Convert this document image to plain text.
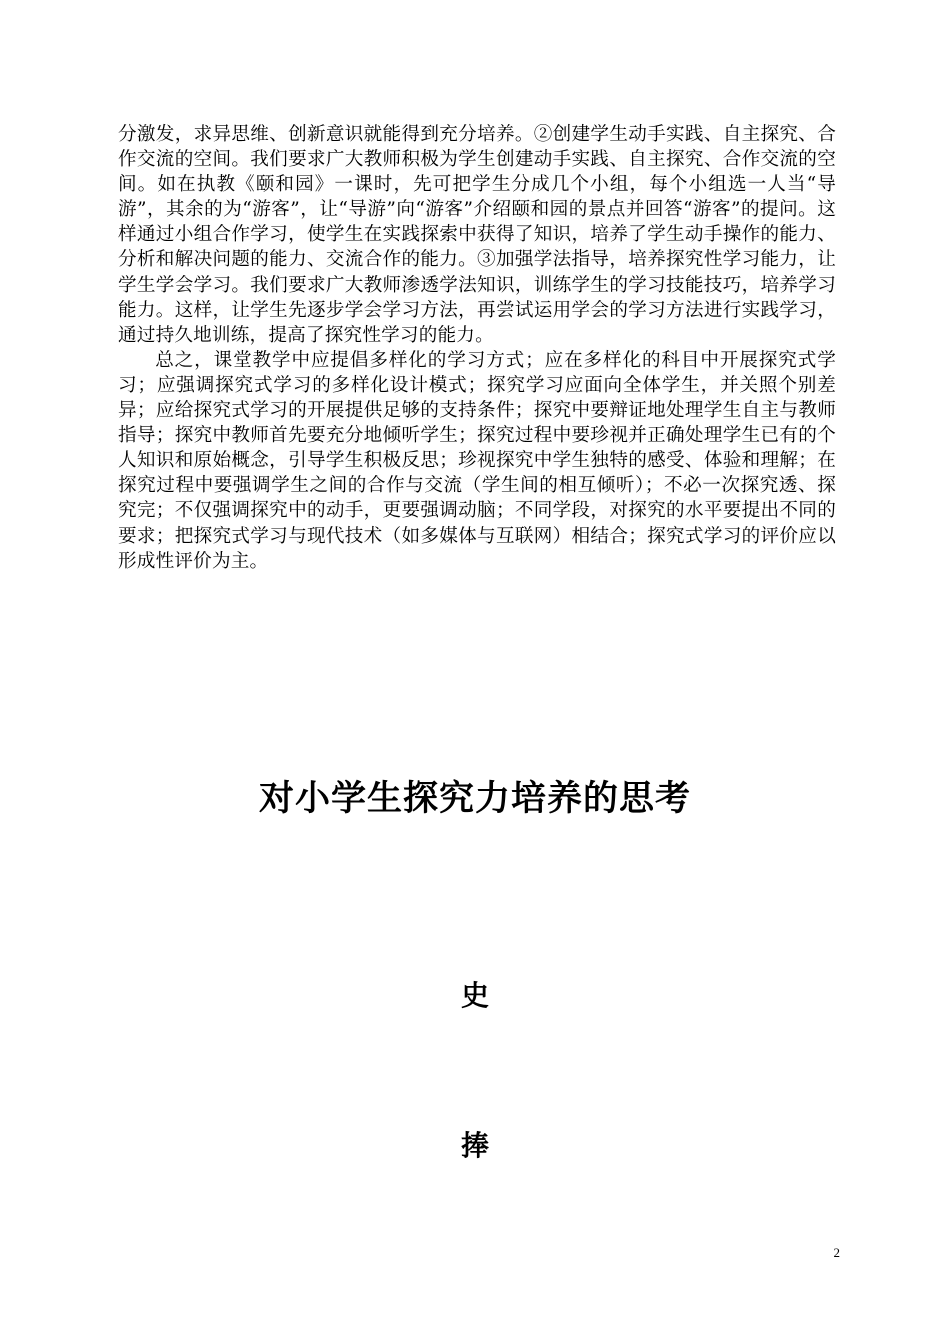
分激发，求异思维、创新意识就能得到充分培养。②创建学生动手实践、自主探究、合作交流的空间。我们要求广大教师积极为学生创建动手实践、自主探究、合作交流的空间。如在执教《颐和园》一课时，先可把学生分成几个小组，每个小组选一人当“导游”，其余的为“游客”，让“导游”向“游客”介绍颐和园的景点并回答“游客”的提问。这样通过小组合作学习，使学生在实践探索中获得了知识，培养了学生动手操作的能力、分析和解决问题的能力、交流合作的能力。③加强学法指导，培养探究性学习能力，让学生学会学习。我们要求广大教师渗透学法知识，训练学生的学习技能技巧，培养学习能力。这样，让学生先逐步学会学习方法，再尝试运用学会的学习方法进行实践学习，通过持久地训练，提高了探究性学习的能力。

总之，课堂教学中应提倡多样化的学习方式；应在多样化的科目中开展探究式学习；应强调探究式学习的多样化设计模式；探究学习应面向全体学生，并关照个别差异；应给探究式学习的开展提供足够的支持条件；探究中要辩证地处理学生自主与教师指导；探究中教师首先要充分地倾听学生；探究过程中要珍视并正确处理学生已有的个人知识和原始概念，引导学生积极反思；珍视探究中学生独特的感受、体验和理解；在探究过程中要强调学生之间的合作与交流（学生间的相互倾听）；不必一次探究透、探究完；不仅强调探究中的动手，更要强调动脑；不同学段，对探究的水平要提出不同的要求；把探究式学习与现代技术（如多媒体与互联网）相结合；探究式学习的评价应以形成性评价为主。

对小学生探究力培养的思考
史
捧
2
